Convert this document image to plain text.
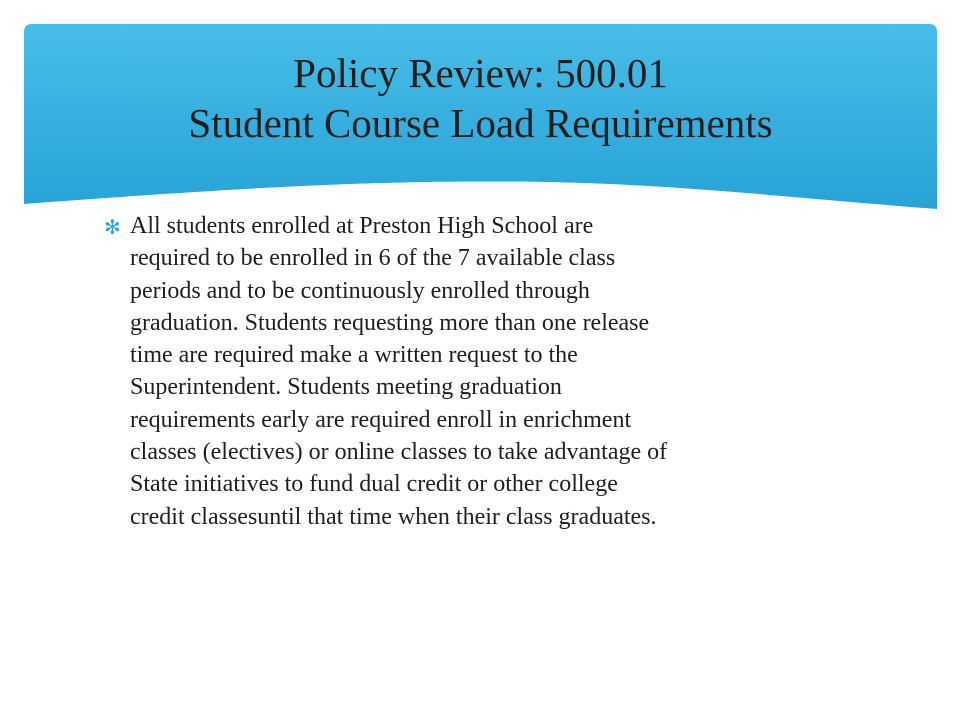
Policy Review: 500.01
Student Course Load Requirements
✻ All students enrolled at Preston High School are
required to be enrolled in 6 of the 7 available class
periods and to be continuously enrolled through
graduation. Students requesting more than one release
time are required make a written request to the
Superintendent. Students meeting graduation
requirements early are required enroll in enrichment
classes (electives) or online classes to take advantage of
State initiatives to fund dual credit or other college
credit classesuntil that time when their class graduates.
